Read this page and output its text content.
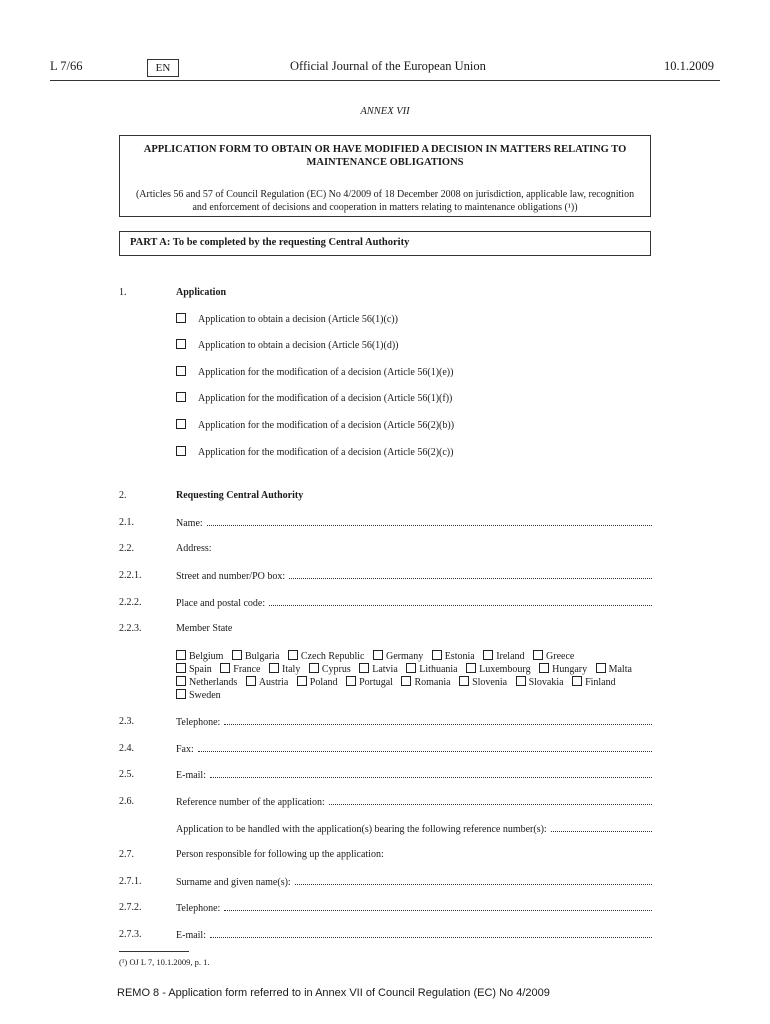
L 7/66	EN	Official Journal of the European Union	10.1.2009
ANNEX VII
APPLICATION FORM TO OBTAIN OR HAVE MODIFIED A DECISION IN MATTERS RELATING TO MAINTENANCE OBLIGATIONS
(Articles 56 and 57 of Council Regulation (EC) No 4/2009 of 18 December 2008 on jurisdiction, applicable law, recognition and enforcement of decisions and cooperation in matters relating to maintenance obligations (¹))
PART A: To be completed by the requesting Central Authority
1.	Application
Application to obtain a decision (Article 56(1)(c))
Application to obtain a decision (Article 56(1)(d))
Application for the modification of a decision (Article 56(1)(e))
Application for the modification of a decision (Article 56(1)(f))
Application for the modification of a decision (Article 56(2)(b))
Application for the modification of a decision (Article 56(2)(c))
2.	Requesting Central Authority
2.1.	Name:
2.2.	Address:
2.2.1.	Street and number/PO box:
2.2.2.	Place and postal code:
2.2.3.	Member State
Belgium Bulgaria Czech Republic Germany Estonia Ireland Greece
Spain France Italy Cyprus Latvia Lithuania Luxembourg Hungary Malta
Netherlands Austria Poland Portugal Romania Slovenia Slovakia Finland
Sweden
2.3.	Telephone:
2.4.	Fax:
2.5.	E-mail:
2.6.	Reference number of the application:
Application to be handled with the application(s) bearing the following reference number(s):
2.7.	Person responsible for following up the application:
2.7.1.	Surname and given name(s):
2.7.2.	Telephone:
2.7.3.	E-mail:
(¹) OJ L 7, 10.1.2009, p. 1.
REMO 8 - Application form referred to in Annex VII of Council Regulation (EC) No 4/2009
